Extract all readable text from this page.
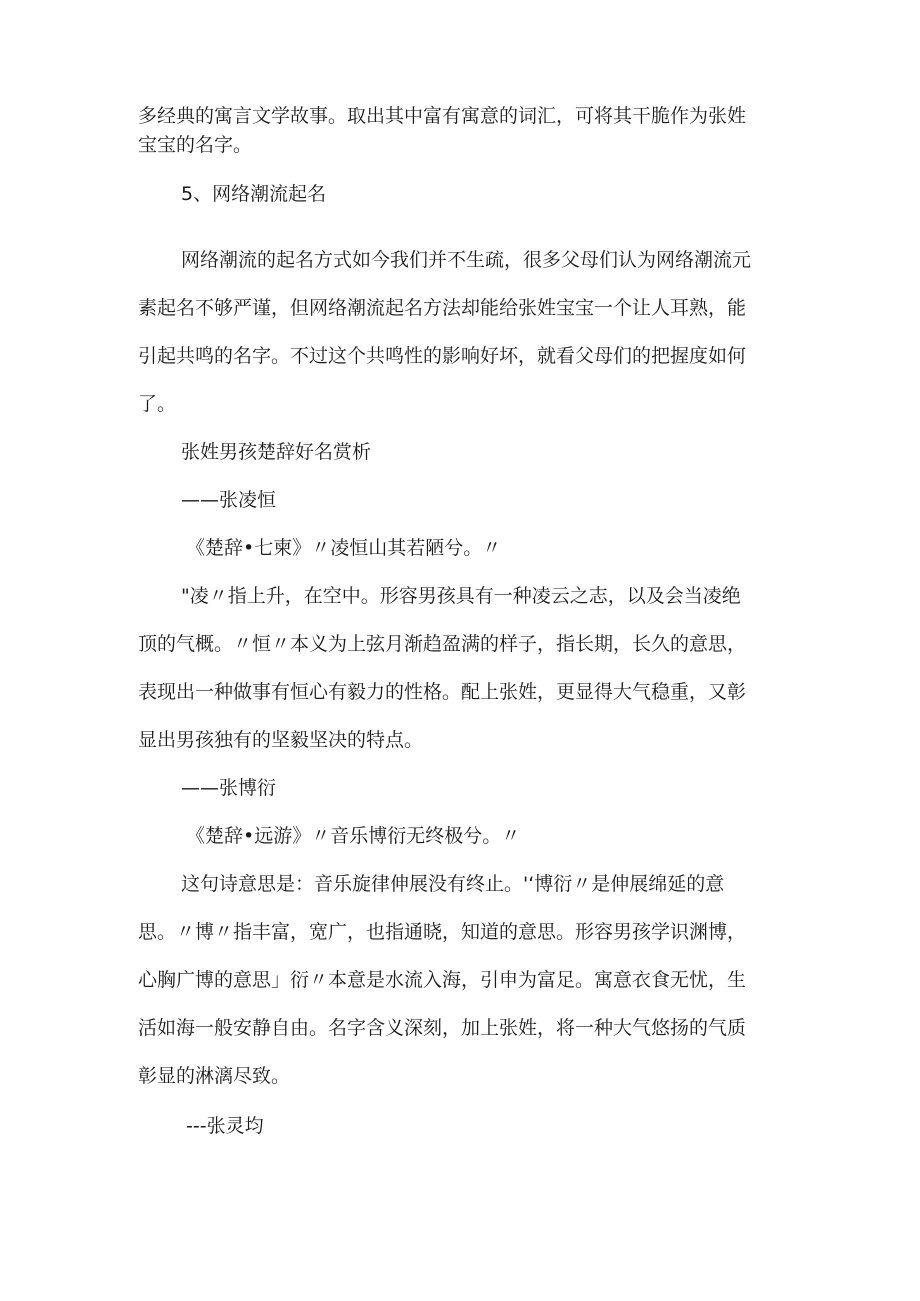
多经典的寓言文学故事。取出其中富有寓意的词汇，可将其干脆作为张姓

宝宝的名字。

5、网络潮流起名

网络潮流的起名方式如今我们并不生疏，很多父母们认为网络潮流元

素起名不够严谨，但网络潮流起名方法却能给张姓宝宝一个让人耳熟，能

引起共鸣的名字。不过这个共鸣性的影响好坏，就看父母们的把握度如何

了。

张姓男孩楚辞好名赏析

——张凌恒

《楚辞•七柬》〃凌恒山其若陋兮。〃

"凌〃指上升，在空中。形容男孩具有一种凌云之志，以及会当凌绝

顶的气概。〃恒〃本义为上弦月渐趋盈满的样子，指长期，长久的意思，

表现出一种做事有恒心有毅力的性格。配上张姓，更显得大气稳重，又彰

显出男孩独有的坚毅坚决的特点。

——张博衍

《楚辞•远游》〃音乐博衍无终极兮。〃

这句诗意思是：音乐旋律伸展没有终止。'‘博衍〃是伸展绵延的意

思。〃博〃指丰富，宽广，也指通晓，知道的意思。形容男孩学识渊博，

心胸广博的意思」衍〃本意是水流入海，引申为富足。寓意衣食无忧，生

活如海一般安静自由。名字含义深刻，加上张姓，将一种大气悠扬的气质

彰显的淋漓尽致。

---张灵均
